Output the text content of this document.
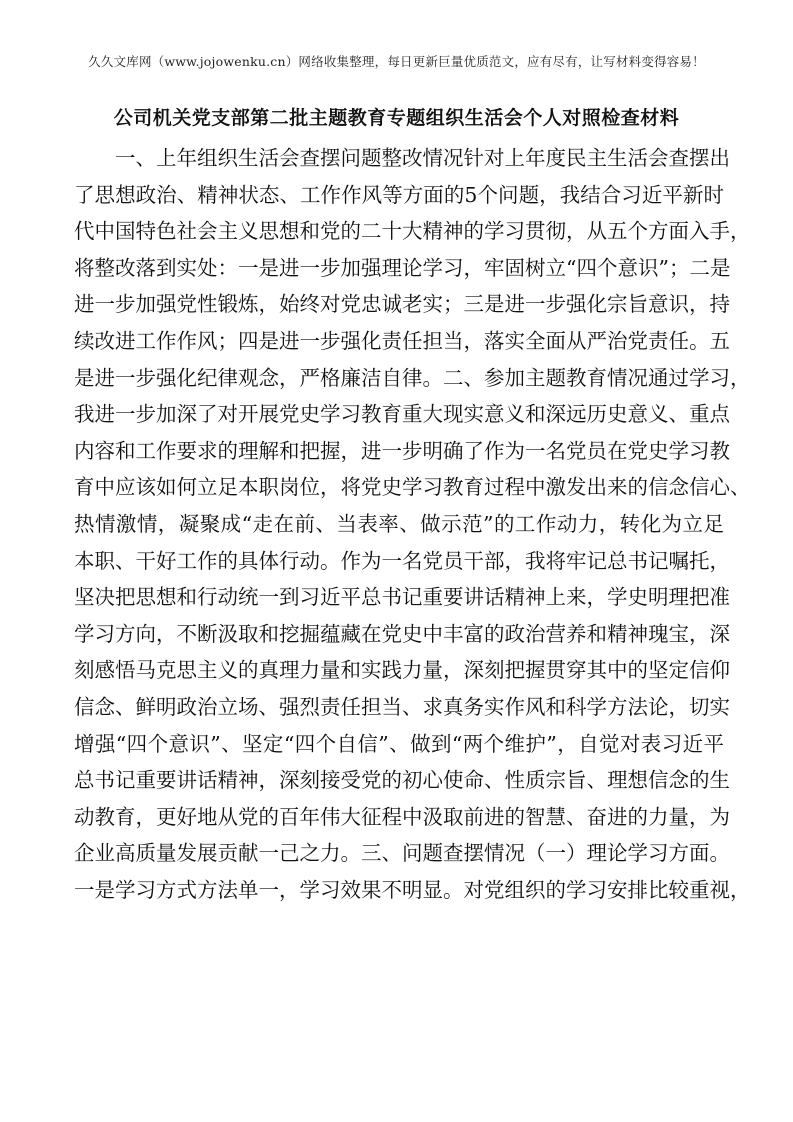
久久文库网（www.jojowenku.cn）网络收集整理，每日更新巨量优质范文，应有尽有，让写材料变得容易！
公司机关党支部第二批主题教育专题组织生活会个人对照检查材料
一、上年组织生活会查摆问题整改情况针对上年度民主生活会查摆出
了思想政治、精神状态、工作作风等方面的5个问题，我结合习近平新时
代中国特色社会主义思想和党的二十大精神的学习贯彻，从五个方面入手，
将整改落到实处：一是进一步加强理论学习，牢固树立“四个意识”；二是
进一步加强党性锻炼，始终对党忠诚老实；三是进一步强化宗旨意识，持
续改进工作作风；四是进一步强化责任担当，落实全面从严治党责任。五
是进一步强化纪律观念，严格廉洁自律。二、参加主题教育情况通过学习，
我进一步加深了对开展党史学习教育重大现实意义和深远历史意义、重点
内容和工作要求的理解和把握，进一步明确了作为一名党员在党史学习教
育中应该如何立足本职岗位，将党史学习教育过程中激发出来的信念信心、
热情激情，凝聚成“走在前、当表率、做示范”的工作动力，转化为立足
本职、干好工作的具体行动。作为一名党员干部，我将牢记总书记嘱托，
坚决把思想和行动统一到习近平总书记重要讲话精神上来，学史明理把准
学习方向，不断汲取和挖掘蕴藏在党史中丰富的政治营养和精神瑰宝，深
刻感悟马克思主义的真理力量和实践力量，深刻把握贯穿其中的坚定信仰
信念、鲜明政治立场、强烈责任担当、求真务实作风和科学方法论，切实
增强“四个意识”、坚定“四个自信”、做到“两个维护”，自觉对表习近平
总书记重要讲话精神，深刻接受党的初心使命、性质宗旨、理想信念的生
动教育，更好地从党的百年伟大征程中汲取前进的智慧、奋进的力量，为
企业高质量发展贡献一己之力。三、问题查摆情况（一）理论学习方面。
一是学习方式方法单一，学习效果不明显。对党组织的学习安排比较重视，
